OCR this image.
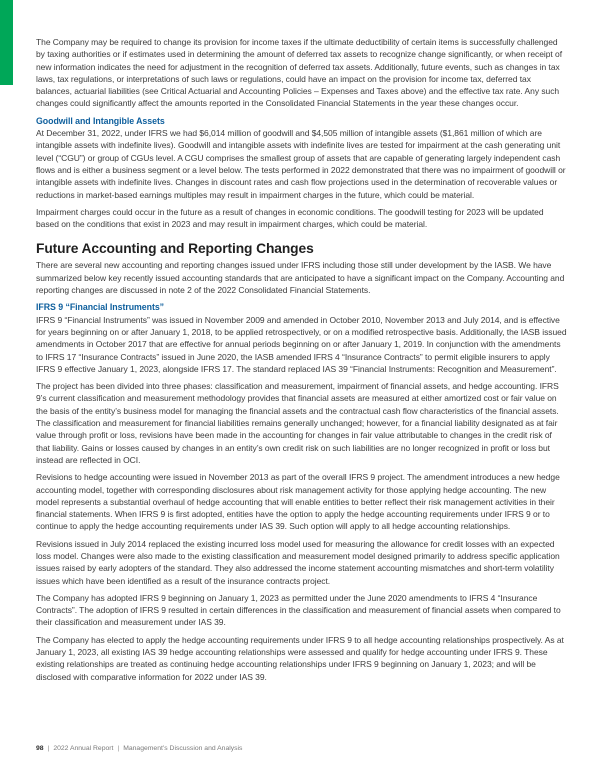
The Company may be required to change its provision for income taxes if the ultimate deductibility of certain items is successfully challenged by taxing authorities or if estimates used in determining the amount of deferred tax assets to recognize change significantly, or when receipt of new information indicates the need for adjustment in the recognition of deferred tax assets. Additionally, future events, such as changes in tax laws, tax regulations, or interpretations of such laws or regulations, could have an impact on the provision for income tax, deferred tax balances, actuarial liabilities (see Critical Actuarial and Accounting Policies – Expenses and Taxes above) and the effective tax rate. Any such changes could significantly affect the amounts reported in the Consolidated Financial Statements in the year these changes occur.

Goodwill and Intangible Assets

At December 31, 2022, under IFRS we had $6,014 million of goodwill and $4,505 million of intangible assets ($1,861 million of which are intangible assets with indefinite lives). Goodwill and intangible assets with indefinite lives are tested for impairment at the cash generating unit level (“CGU”) or group of CGUs level. A CGU comprises the smallest group of assets that are capable of generating largely independent cash flows and is either a business segment or a level below. The tests performed in 2022 demonstrated that there was no impairment of goodwill or intangible assets with indefinite lives. Changes in discount rates and cash flow projections used in the determination of recoverable values or reductions in market-based earnings multiples may result in impairment charges in the future, which could be material.

Impairment charges could occur in the future as a result of changes in economic conditions. The goodwill testing for 2023 will be updated based on the conditions that exist in 2023 and may result in impairment charges, which could be material.

Future Accounting and Reporting Changes

There are several new accounting and reporting changes issued under IFRS including those still under development by the IASB. We have summarized below key recently issued accounting standards that are anticipated to have a significant impact on the Company. Accounting and reporting changes are discussed in note 2 of the 2022 Consolidated Financial Statements.

IFRS 9 “Financial Instruments”

IFRS 9 “Financial Instruments” was issued in November 2009 and amended in October 2010, November 2013 and July 2014, and is effective for years beginning on or after January 1, 2018, to be applied retrospectively, or on a modified retrospective basis. Additionally, the IASB issued amendments in October 2017 that are effective for annual periods beginning on or after January 1, 2019. In conjunction with the amendments to IFRS 17 “Insurance Contracts” issued in June 2020, the IASB amended IFRS 4 “Insurance Contracts” to permit eligible insurers to apply IFRS 9 effective January 1, 2023, alongside IFRS 17. The standard replaced IAS 39 “Financial Instruments: Recognition and Measurement”.

The project has been divided into three phases: classification and measurement, impairment of financial assets, and hedge accounting. IFRS 9’s current classification and measurement methodology provides that financial assets are measured at either amortized cost or fair value on the basis of the entity’s business model for managing the financial assets and the contractual cash flow characteristics of the financial assets. The classification and measurement for financial liabilities remains generally unchanged; however, for a financial liability designated as at fair value through profit or loss, revisions have been made in the accounting for changes in fair value attributable to changes in the credit risk of that liability. Gains or losses caused by changes in an entity’s own credit risk on such liabilities are no longer recognized in profit or loss but instead are reflected in OCI.

Revisions to hedge accounting were issued in November 2013 as part of the overall IFRS 9 project. The amendment introduces a new hedge accounting model, together with corresponding disclosures about risk management activity for those applying hedge accounting. The new model represents a substantial overhaul of hedge accounting that will enable entities to better reflect their risk management activities in their financial statements. When IFRS 9 is first adopted, entities have the option to apply the hedge accounting requirements under IFRS 9 or to continue to apply the hedge accounting requirements under IAS 39. Such option will apply to all hedge accounting relationships.

Revisions issued in July 2014 replaced the existing incurred loss model used for measuring the allowance for credit losses with an expected loss model. Changes were also made to the existing classification and measurement model designed primarily to address specific application issues raised by early adopters of the standard. They also addressed the income statement accounting mismatches and short-term volatility issues which have been identified as a result of the insurance contracts project.

The Company has adopted IFRS 9 beginning on January 1, 2023 as permitted under the June 2020 amendments to IFRS 4 “Insurance Contracts”. The adoption of IFRS 9 resulted in certain differences in the classification and measurement of financial assets when compared to their classification and measurement under IAS 39.

The Company has elected to apply the hedge accounting requirements under IFRS 9 to all hedge accounting relationships prospectively. As at January 1, 2023, all existing IAS 39 hedge accounting relationships were assessed and qualify for hedge accounting under IFRS 9. These existing relationships are treated as continuing hedge accounting relationships under IFRS 9 beginning on January 1, 2023; and will be disclosed with comparative information for 2022 under IAS 39.

98 | 2022 Annual Report | Management’s Discussion and Analysis
